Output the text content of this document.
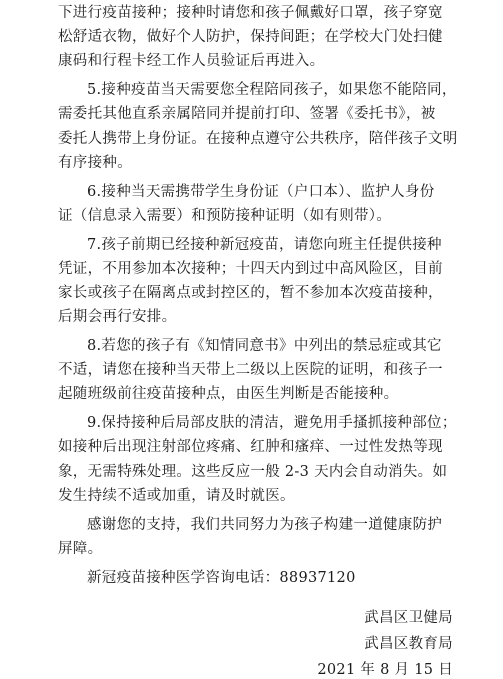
下进行疫苗接种；接种时请您和孩子佩戴好口罩，孩子穿宽
松舒适衣物，做好个人防护，保持间距；在学校大门处扫健
康码和行程卡经工作人员验证后再进入。
5.接种疫苗当天需要您全程陪同孩子，如果您不能陪同，
需委托其他直系亲属陪同并提前打印、签署《委托书》，被
委托人携带上身份证。在接种点遵守公共秩序，陪伴孩子文明
有序接种。
6.接种当天需携带学生身份证（户口本）、监护人身份
证（信息录入需要）和预防接种证明（如有则带）。
7.孩子前期已经接种新冠疫苗，请您向班主任提供接种
凭证，不用参加本次接种；十四天内到过中高风险区，目前
家长或孩子在隔离点或封控区的，暂不参加本次疫苗接种，
后期会再行安排。
8.若您的孩子有《知情同意书》中列出的禁忌症或其它
不适，请您在接种当天带上二级以上医院的证明，和孩子一
起随班级前往疫苗接种点，由医生判断是否能接种。
9.保持接种后局部皮肤的清洁，避免用手搔抓接种部位；
如接种后出现注射部位疼痛、红肿和瘙痒、一过性发热等现
象，无需特殊处理。这些反应一般 2-3 天内会自动消失。如
发生持续不适或加重，请及时就医。
感谢您的支持，我们共同努力为孩子构建一道健康防护
屏障。
新冠疫苗接种医学咨询电话：88937120
武昌区卫健局
武昌区教育局
2021 年 8 月 15 日
